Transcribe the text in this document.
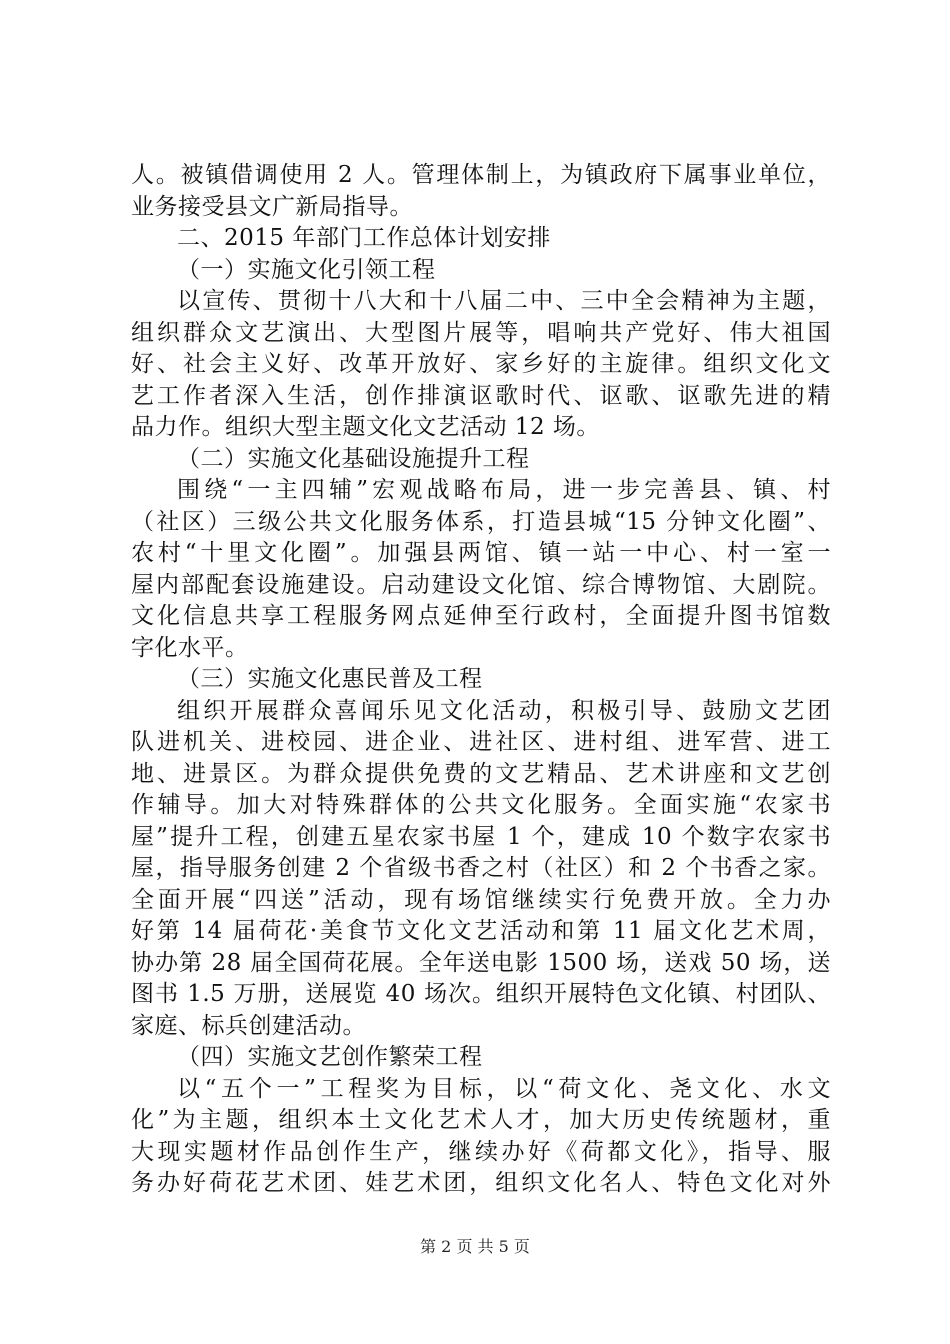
人。被镇借调使用 2 人。管理体制上，为镇政府下属事业单位，
业务接受县文广新局指导。
二、2015 年部门工作总体计划安排
（一）实施文化引领工程
以宣传、贯彻十八大和十八届二中、三中全会精神为主题，
组织群众文艺演出、大型图片展等，唱响共产党好、伟大祖国
好、社会主义好、改革开放好、家乡好的主旋律。组织文化文
艺工作者深入生活，创作排演讴歌时代、讴歌、讴歌先进的精
品力作。组织大型主题文化文艺活动 12 场。
（二）实施文化基础设施提升工程
围绕“一主四辅”宏观战略布局，进一步完善县、镇、村
（社区）三级公共文化服务体系，打造县城“15 分钟文化圈”、
农村“十里文化圈”。加强县两馆、镇一站一中心、村一室一
屋内部配套设施建设。启动建设文化馆、综合博物馆、大剧院。
文化信息共享工程服务网点延伸至行政村，全面提升图书馆数
字化水平。
（三）实施文化惠民普及工程
组织开展群众喜闻乐见文化活动，积极引导、鼓励文艺团
队进机关、进校园、进企业、进社区、进村组、进军营、进工
地、进景区。为群众提供免费的文艺精品、艺术讲座和文艺创
作辅导。加大对特殊群体的公共文化服务。全面实施“农家书
屋”提升工程，创建五星农家书屋 1 个，建成 10 个数字农家书
屋，指导服务创建 2 个省级书香之村（社区）和 2 个书香之家。
全面开展“四送”活动，现有场馆继续实行免费开放。全力办
好第 14 届荷花·美食节文化文艺活动和第 11 届文化艺术周，
协办第 28 届全国荷花展。全年送电影 1500 场，送戏 50 场，送
图书 1.5 万册，送展览 40 场次。组织开展特色文化镇、村团队、
家庭、标兵创建活动。
（四）实施文艺创作繁荣工程
以“五个一”工程奖为目标，以“荷文化、尧文化、水文
化”为主题，组织本土文化艺术人才，加大历史传统题材，重
大现实题材作品创作生产，继续办好《荷都文化》，指导、服
务办好荷花艺术团、娃艺术团，组织文化名人、特色文化对外
第 2 页 共 5 页
